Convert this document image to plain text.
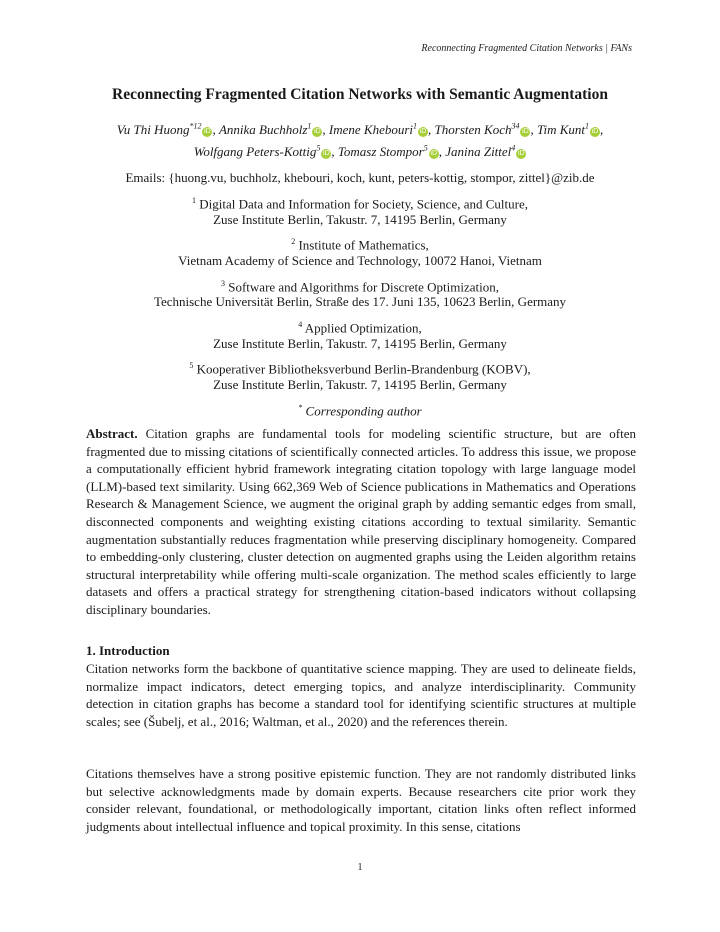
Reconnecting Fragmented Citation Networks | FANs
Reconnecting Fragmented Citation Networks with Semantic Augmentation
Vu Thi Huong$^{*12}$iD , Annika Buchholz$^1$iD , Imene Khebouri$^1$iD , Thorsten Koch$^{34}$iD , Tim Kunt$^1$iD ,
Wolfgang Peters-Kottig$^5$iD , Tomasz Stompor$^5$iD , Janina Zittel$^4$iD
Emails: {huong.vu, buchholz, khebouri, koch, kunt, peters-kottig, stompor, zittel}@zib.de
$^1$ Digital Data and Information for Society, Science, and Culture,
Zuse Institute Berlin, Takustr. 7, 14195 Berlin, Germany
$^2$ Institute of Mathematics,
Vietnam Academy of Science and Technology, 10072 Hanoi, Vietnam
$^3$ Software and Algorithms for Discrete Optimization,
Technische Universität Berlin, Straße des 17. Juni 135, 10623 Berlin, Germany
$^4$ Applied Optimization,
Zuse Institute Berlin, Takustr. 7, 14195 Berlin, Germany
$^5$ Kooperativer Bibliotheksverbund Berlin-Brandenburg (KOBV),
Zuse Institute Berlin, Takustr. 7, 14195 Berlin, Germany
* Corresponding author

Abstract. Citation graphs are fundamental tools for modeling scientific structure, but are often fragmented due to missing citations of scientifically connected articles. To address this issue, we propose a computationally efficient hybrid framework integrating citation topology with large language model (LLM)-based text similarity. Using 662,369 Web of Science publications in Mathematics and Operations Research & Management Science, we augment the original graph by adding semantic edges from small, disconnected components and weighting existing citations according to textual similarity. Semantic augmentation substantially reduces fragmentation while preserving disciplinary homogeneity. Compared to embedding-only clustering, cluster detection on augmented graphs using the Leiden algorithm retains structural interpretability while offering multi-scale organization. The method scales efficiently to large datasets and offers a practical strategy for strengthening citation-based indicators without collapsing disciplinary boundaries.

1. Introduction

Citation networks form the backbone of quantitative science mapping. They are used to delineate fields, normalize impact indicators, detect emerging topics, and analyze interdisciplinarity. Community detection in citation graphs has become a standard tool for identifying scientific structures at multiple scales; see (Šubelj, et al., 2016; Waltman, et al., 2020) and the references therein.

Citations themselves have a strong positive epistemic function. They are not randomly distributed links but selective acknowledgments made by domain experts. Because researchers cite prior work they consider relevant, foundational, or methodologically important, citation links often reflect informed judgments about intellectual influence and topical proximity. In this sense, citations

1
